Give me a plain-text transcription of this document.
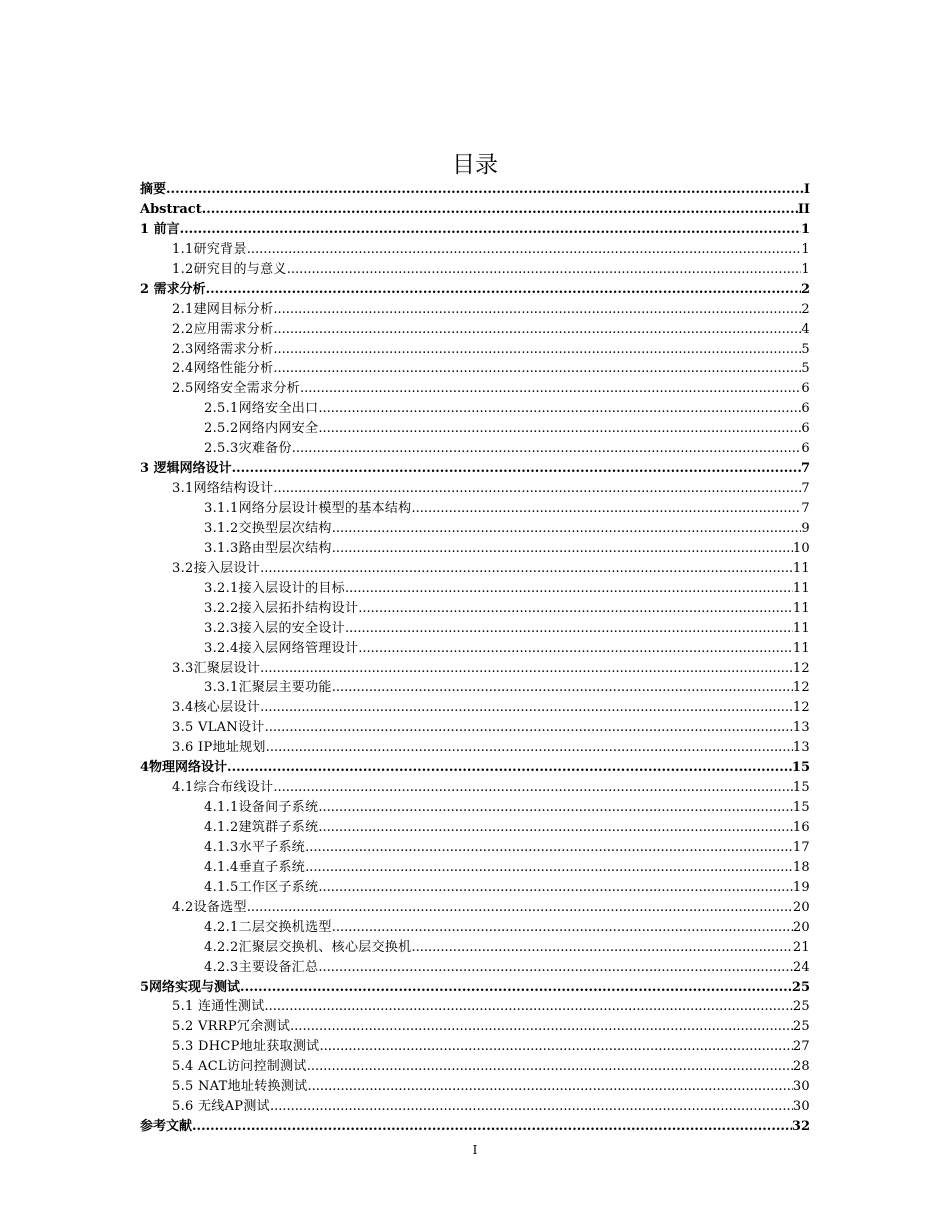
目录
摘要 .....	I
Abstract .....	II
1 前言 .....	1
1.1研究背景 .....	1
1.2研究目的与意义 .....	1
2 需求分析 .....	2
2.1建网目标分析 .....	2
2.2应用需求分析 .....	4
2.3网络需求分析 .....	5
2.4网络性能分析 .....	5
2.5网络安全需求分析 .....	6
2.5.1网络安全出口 .....	6
2.5.2网络内网安全 .....	6
2.5.3灾难备份 .....	6
3 逻辑网络设计 .....	7
3.1网络结构设计 .....	7
3.1.1网络分层设计模型的基本结构 .....	7
3.1.2交换型层次结构 .....	9
3.1.3路由型层次结构 .....	10
3.2接入层设计 .....	11
3.2.1接入层设计的目标 .....	11
3.2.2接入层拓扑结构设计 .....	11
3.2.3接入层的安全设计 .....	11
3.2.4接入层网络管理设计 .....	11
3.3汇聚层设计 .....	12
3.3.1汇聚层主要功能 .....	12
3.4核心层设计 .....	12
3.5 VLAN设计 .....	13
3.6 IP地址规划 .....	13
4物理网络设计 .....	15
4.1综合布线设计 .....	15
4.1.1设备间子系统 .....	15
4.1.2建筑群子系统 .....	16
4.1.3水平子系统 .....	17
4.1.4垂直子系统 .....	18
4.1.5工作区子系统 .....	19
4.2设备选型 .....	20
4.2.1二层交换机选型 .....	20
4.2.2汇聚层交换机、核心层交换机 .....	21
4.2.3主要设备汇总 .....	24
5网络实现与测试 .....	25
5.1 连通性测试 .....	25
5.2 VRRP冗余测试 .....	25
5.3 DHCP地址获取测试 .....	27
5.4 ACL访问控制测试 .....	28
5.5 NAT地址转换测试 .....	30
5.6 无线AP测试 .....	30
参考文献 .....	32
I
